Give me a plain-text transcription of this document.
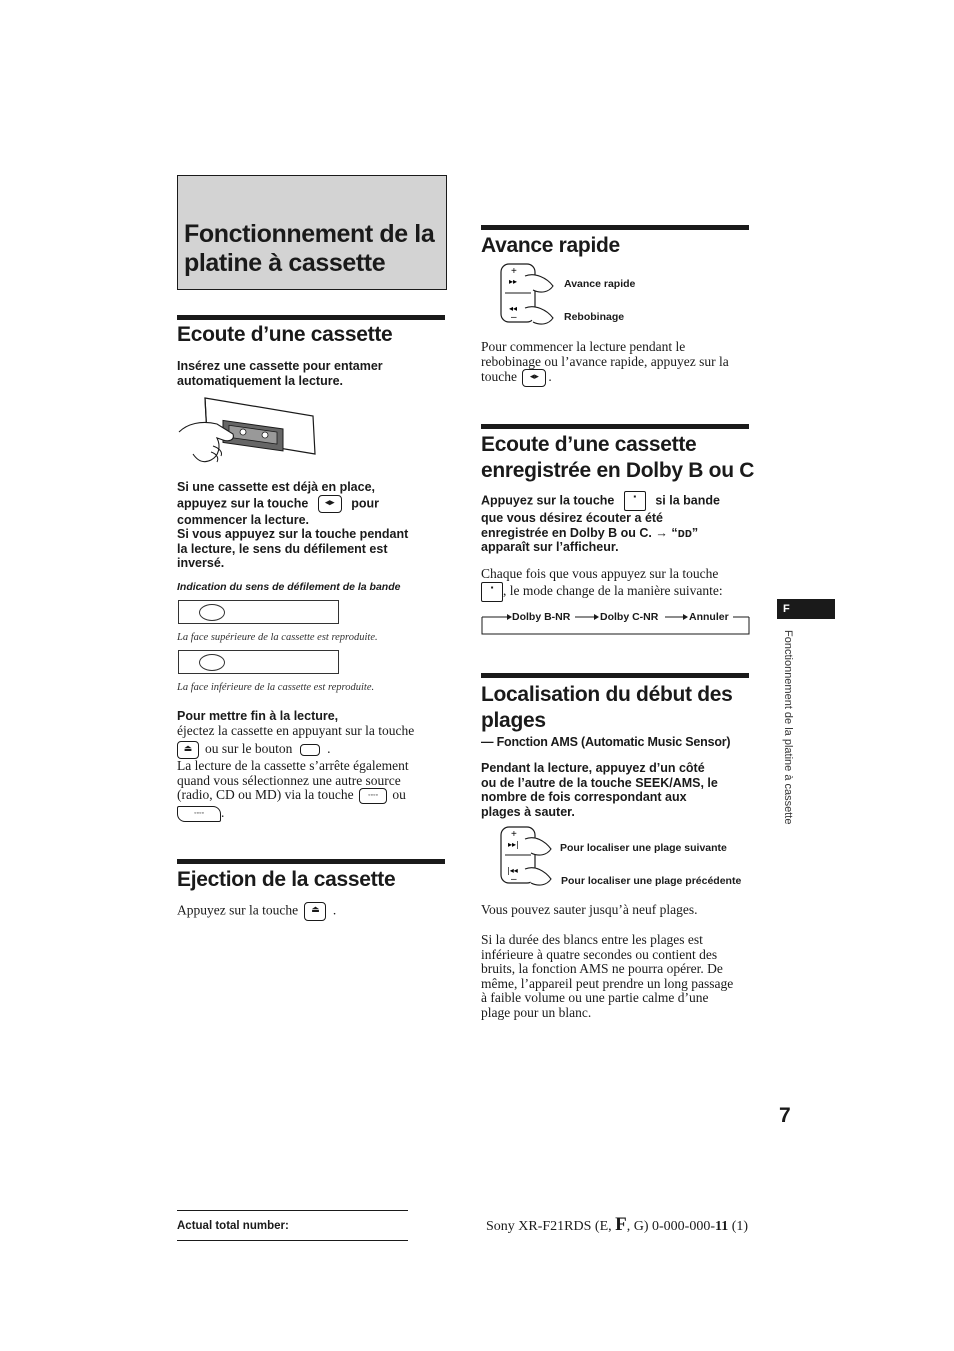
Fonctionnement de la
platine à cassette
Ecoute d’une cassette
Insérez une cassette pour entamer
automatiquement la lecture.
Si une cassette est déjà en place,
appuyez sur la touche ◂▸ pour
commencer la lecture.
Si vous appuyez sur la touche pendant
la lecture, le sens du défilement est
inversé.
Indication du sens de défilement de la bande
La face supérieure de la cassette est reproduite.
La face inférieure de la cassette est reproduite.
Pour mettre fin à la lecture,
éjectez la cassette en appuyant sur la touche
⏏ ou sur le bouton  .
La lecture de la cassette s’arrête également
quand vous sélectionnez une autre source
(radio, CD ou MD) via la touche ◦◦◦◦ ou
◦◦◦◦ .
Ejection de la cassette
Appuyez sur la touche ⏏ .
Avance rapide
+
▸▸
◂◂
–
Avance rapide
Rebobinage
Pour commencer la lecture pendant le
rebobinage ou l’avance rapide, appuyez sur la
touche ◂▸ .
Ecoute d’une cassette
enregistrée en Dolby B ou C
Appuyez sur la touche ▪ si la bande
que vous désirez écouter a été
enregistrée en Dolby B ou C. → “ᴅᴅ”
apparaît sur l’afficheur.
Chaque fois que vous appuyez sur la touche
▪ , le mode change de la manière suivante:
Dolby B-NR	Dolby C-NR	Annuler
Localisation du début des
plages
— Fonction AMS (Automatic Music Sensor)
Pendant la lecture, appuyez d’un côté
ou de l’autre de la touche SEEK/AMS, le
nombre de fois correspondant aux
plages à sauter.
+
▸▸|
|◂◂
–
Pour localiser une plage suivante
Pour localiser une plage précédente
Vous pouvez sauter jusqu’à neuf plages.
Si la durée des blancs entre les plages est
inférieure à quatre secondes ou contient des
bruits, la fonction AMS ne pourra opérer. De
même, l’appareil peut prendre un long passage
à faible volume ou une partie calme d’une
plage pour un blanc.
F
Fonctionnement de la platine à cassette
7
Actual total number:	Sony XR-F21RDS (E, F, G) 0-000-000-11 (1)
